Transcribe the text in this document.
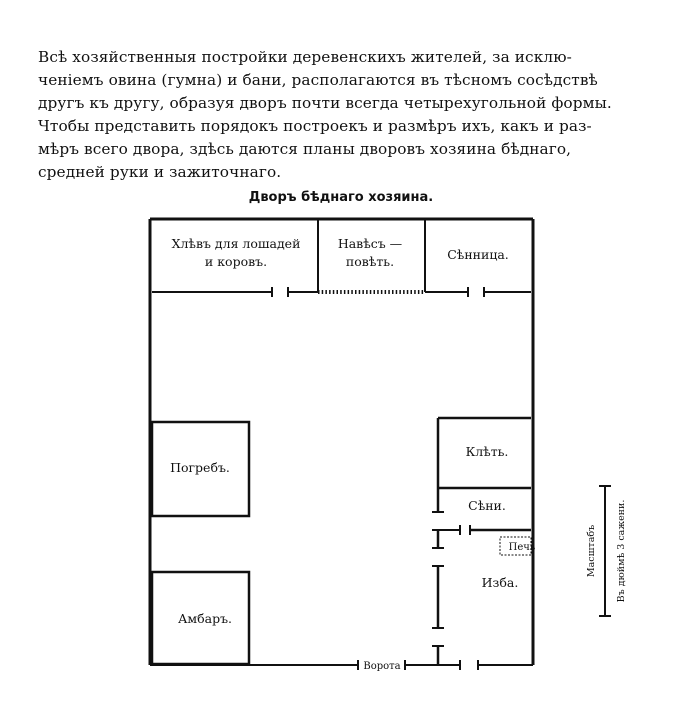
Всѣ хозяйственныя постройки деревенскихъ жителей, за исклю-
ченіемъ овина (гумна) и бани, располагаются въ тѣсномъ сосѣдствѣ
другъ къ другу, образуя дворъ почти всегда четырехугольной формы.
Чтобы представить порядокъ построекъ и размѣръ ихъ, какъ и раз-
мѣръ всего двора, здѣсь даются планы дворовъ хозяина бѣднаго,
средней руки и зажиточнаго.
Дворъ бѣднаго хозяина.
Хлѣвъ для лошадей
и коровъ.
Навѣсъ —
повѣть.	Сѣнница.
Погребъ.
Клѣть.
Сѣни.
Печь
Изба.
Амбаръ.
Ворота
Масштабъ Въ дюймѣ 3 сажени.
